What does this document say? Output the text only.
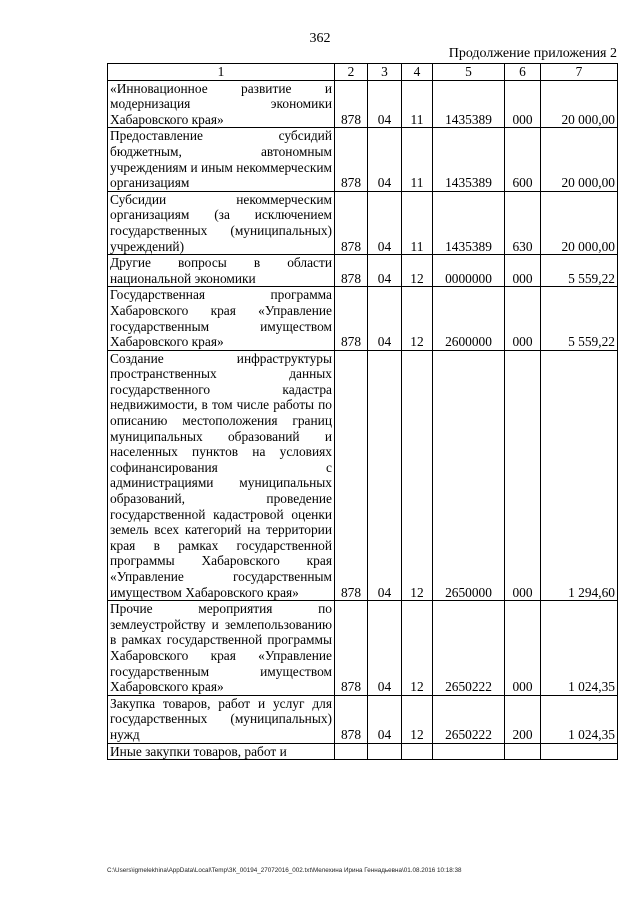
362
Продолжение приложения 2
1	2	3	4	5	6	7
«Инновационное развитие и модернизация экономики Хабаровского края»	878	04	11	1435389	000	20 000,00
Предоставление субсидий бюджетным, автономным учреждениям и иным некоммерческим организациям	878	04	11	1435389	600	20 000,00
Субсидии некоммерческим организациям (за исключением государственных (муниципальных) учреждений)	878	04	11	1435389	630	20 000,00
Другие вопросы в области национальной экономики	878	04	12	0000000	000	5 559,22
Государственная программа Хабаровского края «Управление государственным имуществом Хабаровского края»	878	04	12	2600000	000	5 559,22
Создание инфраструктуры пространственных данных государственного кадастра недвижимости, в том числе работы по описанию местоположения границ муниципальных образований и населенных пунктов на условиях софинансирования с администрациями муниципальных образований, проведение государственной кадастровой оценки земель всех категорий на территории края в рамках государственной программы Хабаровского края «Управление государственным имуществом Хабаровского края»	878	04	12	2650000	000	1 294,60
Прочие мероприятия по землеустройству и землепользованию в рамках государственной программы Хабаровского края «Управление государственным имуществом Хабаровского края»	878	04	12	2650222	000	1 024,35
Закупка товаров, работ и услуг для государственных (муниципальных) нужд	878	04	12	2650222	200	1 024,35
Иные закупки товаров, работ и						
C:\Users\igmelekhina\AppData\Local\Temp\ЗК_00194_27072016_002.txt\Мелехина Ирина Геннадьевна\01.08.2016 10:18:38
